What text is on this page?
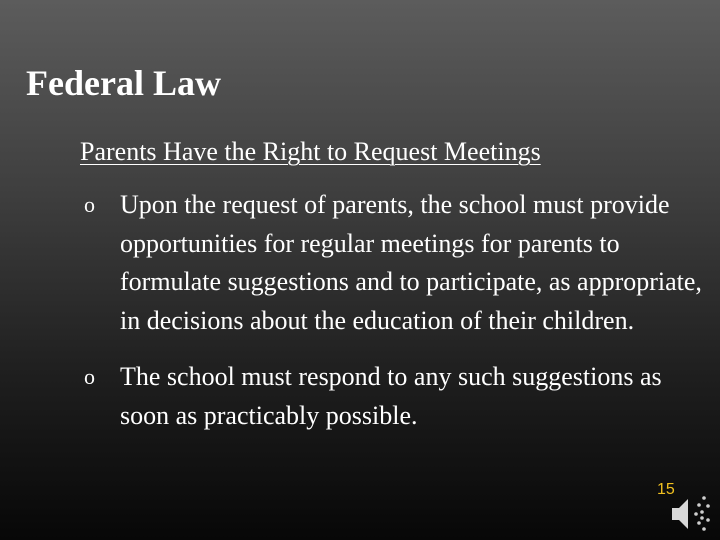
Federal Law
Parents Have the Right to Request Meetings
o Upon the request of parents, the school must provide opportunities for regular meetings for parents to formulate suggestions and to participate, as appropriate, in decisions about the education of their children.
o The school must respond to any such suggestions as soon as practicably possible.
15
